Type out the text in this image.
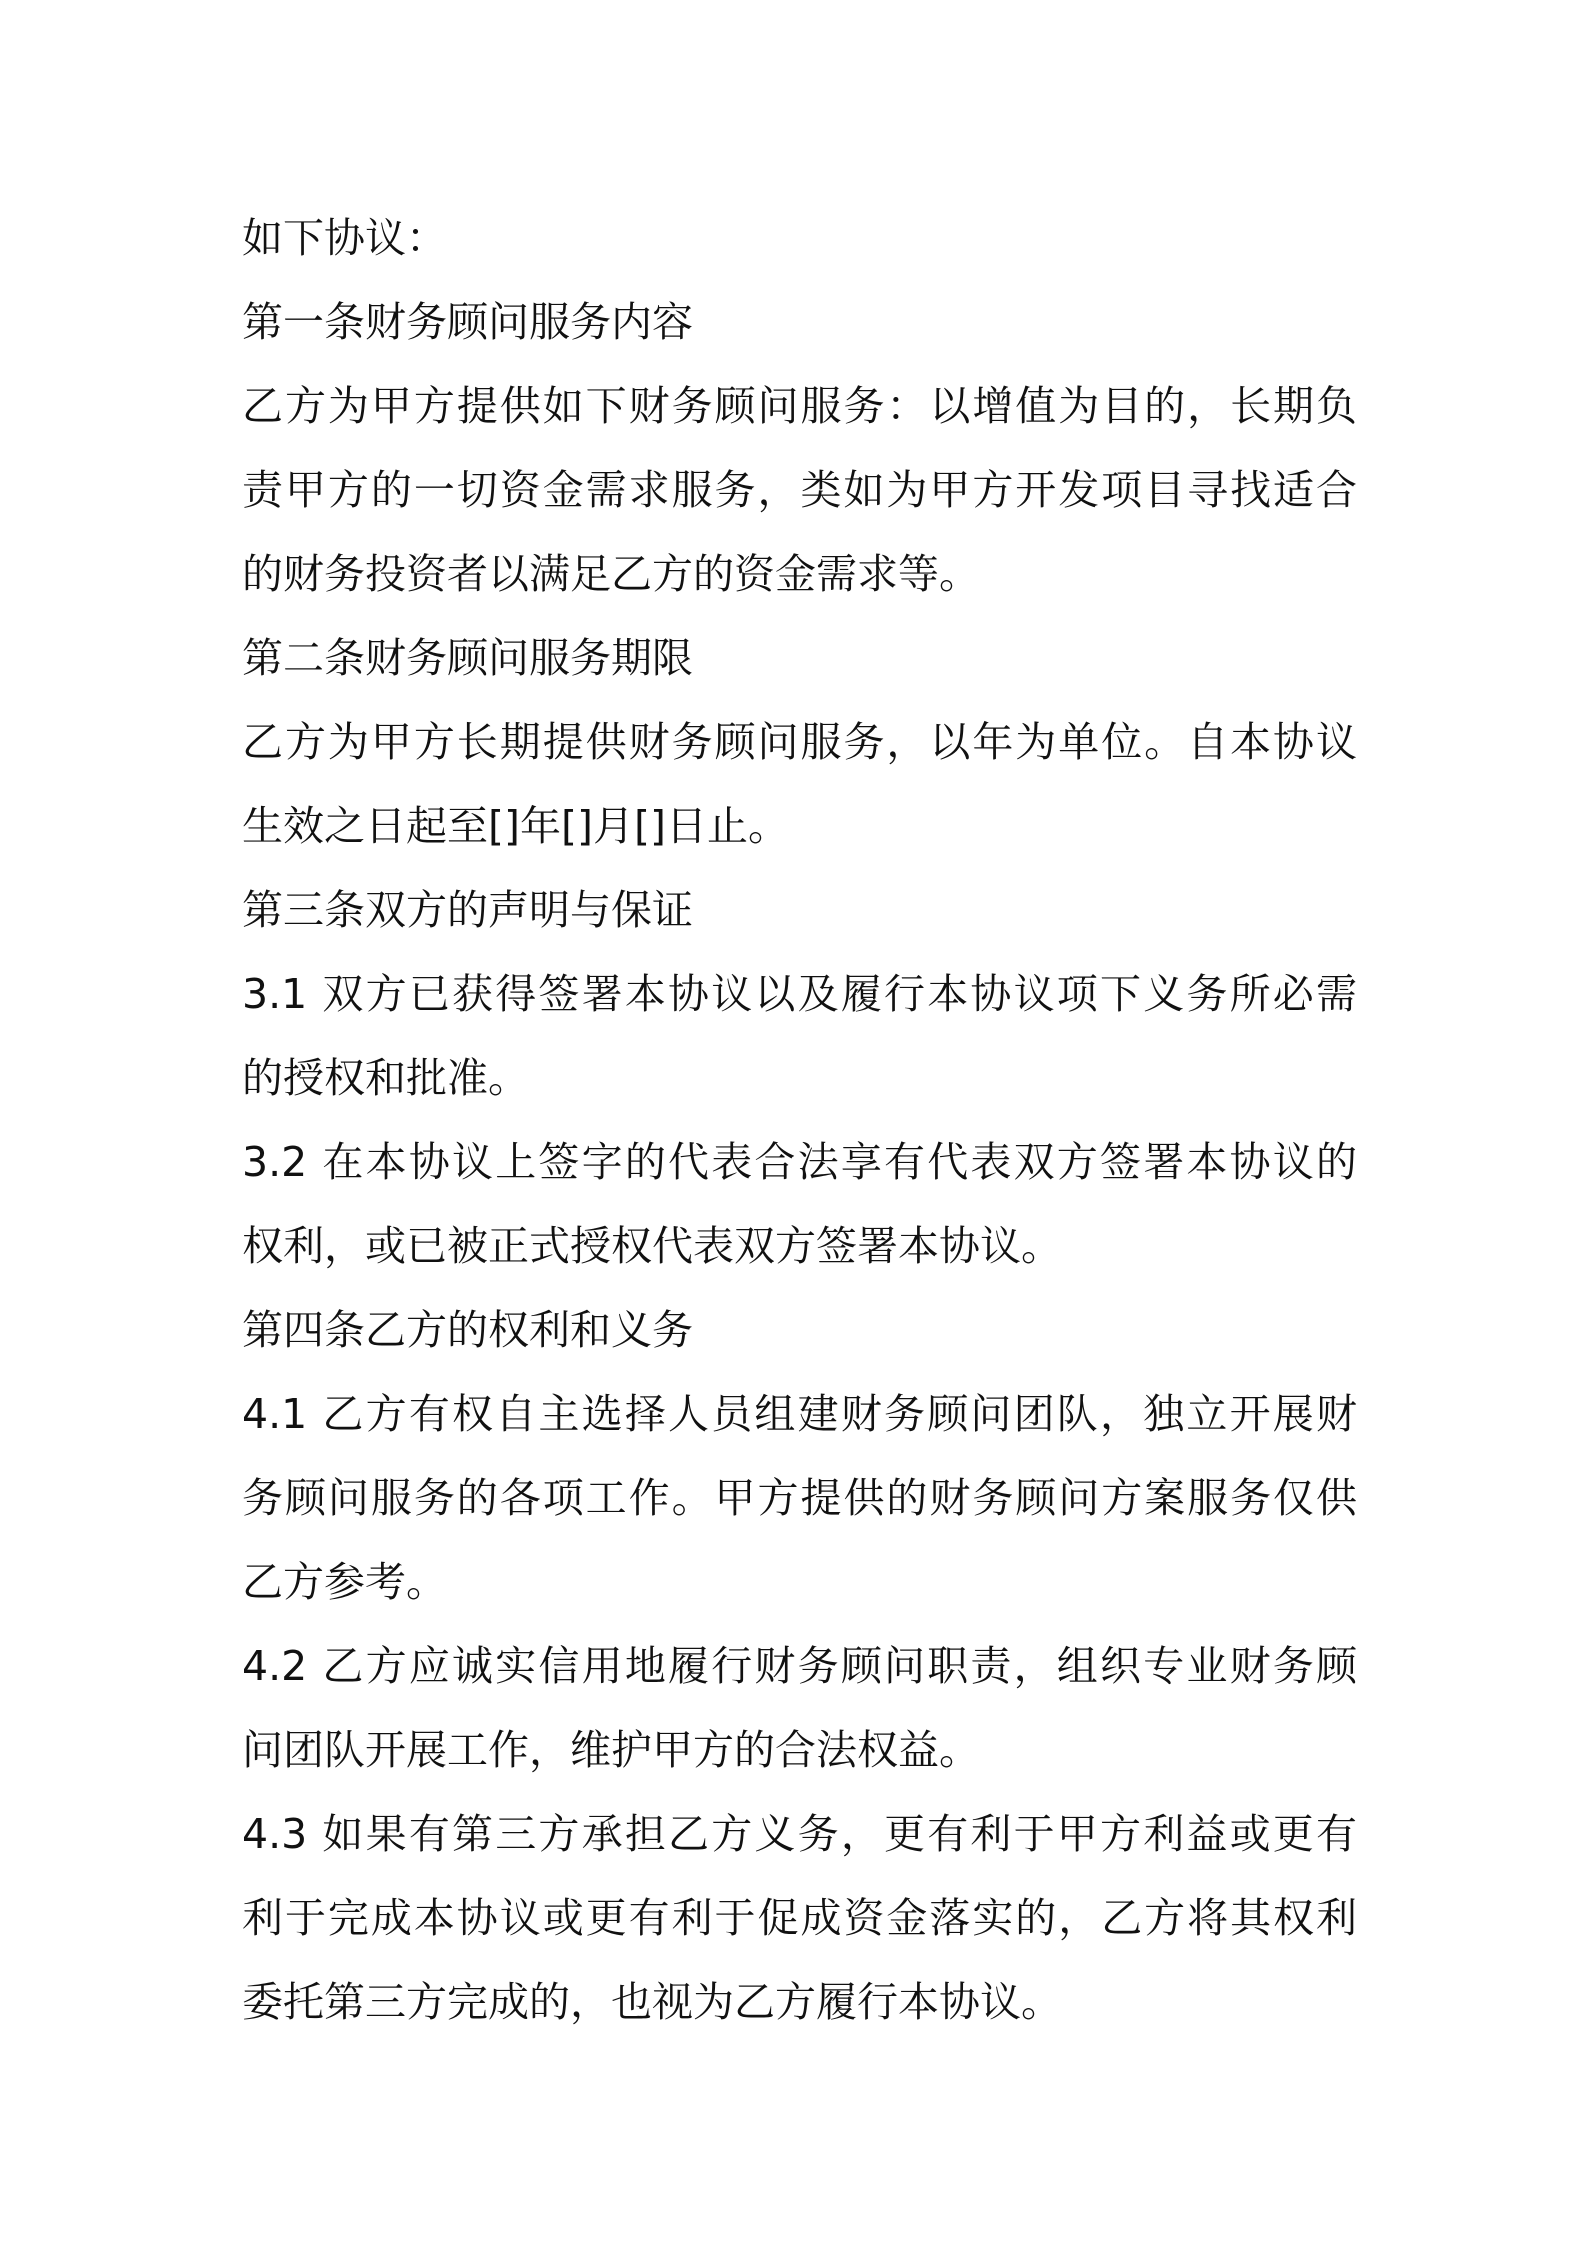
如下协议：
第一条财务顾问服务内容
乙方为甲方提供如下财务顾问服务：以增值为目的，长期负
责甲方的一切资金需求服务，类如为甲方开发项目寻找适合
的财务投资者以满足乙方的资金需求等。
第二条财务顾问服务期限
乙方为甲方长期提供财务顾问服务，以年为单位。自本协议
生效之日起至[]年[]月[]日止。
第三条双方的声明与保证
3.1 双方已获得签署本协议以及履行本协议项下义务所必需
的授权和批准。
3.2 在本协议上签字的代表合法享有代表双方签署本协议的
权利，或已被正式授权代表双方签署本协议。
第四条乙方的权利和义务
4.1 乙方有权自主选择人员组建财务顾问团队，独立开展财
务顾问服务的各项工作。甲方提供的财务顾问方案服务仅供
乙方参考。
4.2 乙方应诚实信用地履行财务顾问职责，组织专业财务顾
问团队开展工作，维护甲方的合法权益。
4.3 如果有第三方承担乙方义务，更有利于甲方利益或更有
利于完成本协议或更有利于促成资金落实的，乙方将其权利
委托第三方完成的，也视为乙方履行本协议。
